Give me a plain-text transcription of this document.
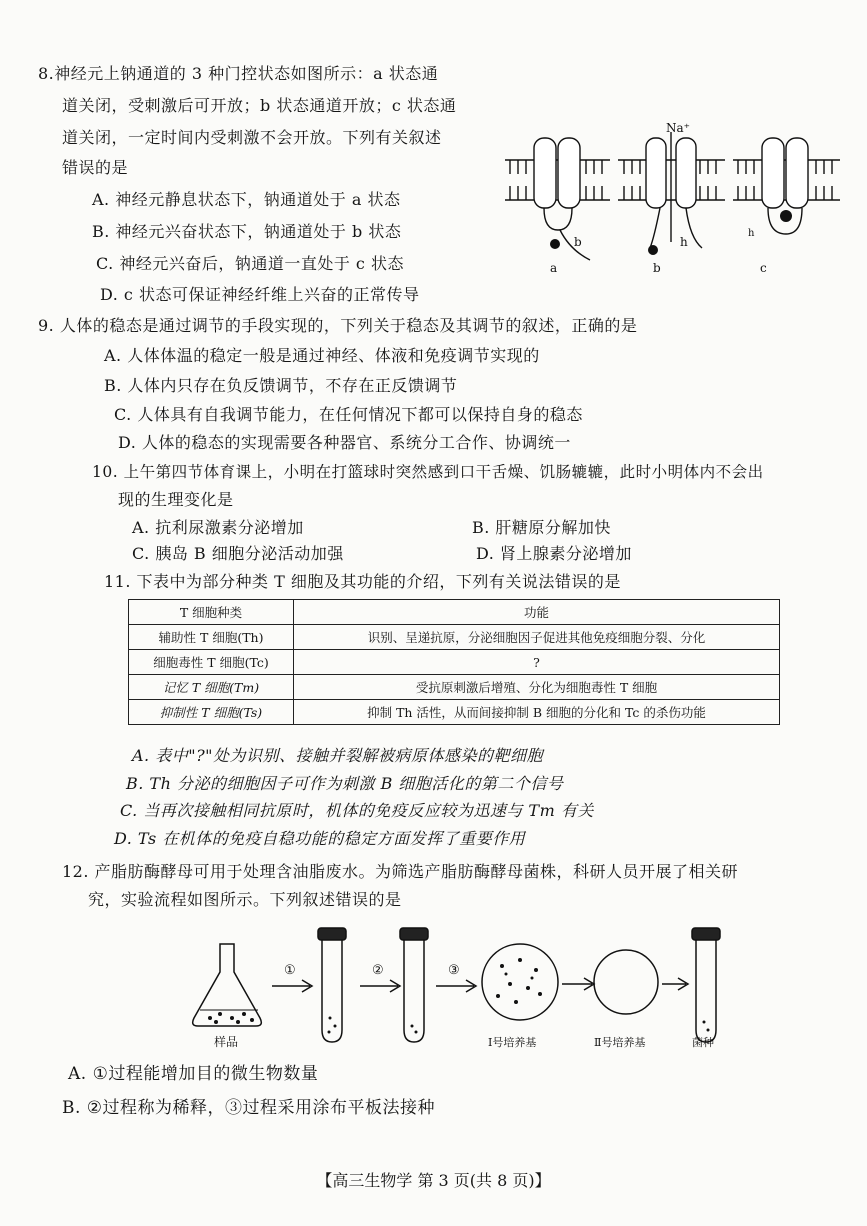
8.神经元上钠通道的 3 种门控状态如图所示：a 状态通
道关闭，受刺激后可开放；b 状态通道开放；c 状态通
道关闭，一定时间内受刺激不会开放。下列有关叙述
错误的是
A. 神经元静息状态下，钠通道处于 a 状态
B. 神经元兴奋状态下，钠通道处于 b 状态
C. 神经元兴奋后，钠通道一直处于 c 状态
D. c 状态可保证神经纤维上兴奋的正常传导
Na⁺
b	h
h
a	b	c
9. 人体的稳态是通过调节的手段实现的，下列关于稳态及其调节的叙述，正确的是
A. 人体体温的稳定一般是通过神经、体液和免疫调节实现的
B. 人体内只存在负反馈调节，不存在正反馈调节
C. 人体具有自我调节能力，在任何情况下都可以保持自身的稳态
D. 人体的稳态的实现需要各种器官、系统分工合作、协调统一
10. 上午第四节体育课上，小明在打篮球时突然感到口干舌燥、饥肠辘辘，此时小明体内不会出
现的生理变化是
A. 抗利尿激素分泌增加	B. 肝糖原分解加快
C. 胰岛 B 细胞分泌活动加强	D. 肾上腺素分泌增加
11. 下表中为部分种类 T 细胞及其功能的介绍，下列有关说法错误的是
T 细胞种类	功能
辅助性 T 细胞(Th)	识别、呈递抗原，分泌细胞因子促进其他免疫细胞分裂、分化
细胞毒性 T 细胞(Tc)	?
记忆 T 细胞(Tm)	受抗原刺激后增殖、分化为细胞毒性 T 细胞
抑制性 T 细胞(Ts)	抑制 Th 活性，从而间接抑制 B 细胞的分化和 Tc 的杀伤功能
A. 表中"?"处为识别、接触并裂解被病原体感染的靶细胞
B. Th 分泌的细胞因子可作为刺激 B 细胞活化的第二个信号
C. 当再次接触相同抗原时，机体的免疫反应较为迅速与 Tm 有关
D. Ts 在机体的免疫自稳功能的稳定方面发挥了重要作用
12. 产脂肪酶酵母可用于处理含油脂废水。为筛选产脂肪酶酵母菌株，科研人员开展了相关研
究，实验流程如图所示。下列叙述错误的是
①	②	③
样品	Ⅰ号培养基	Ⅱ号培养基	菌种
A. ①过程能增加目的微生物数量
B. ②过程称为稀释，③过程采用涂布平板法接种
【高三生物学 第 3 页(共 8 页)】
